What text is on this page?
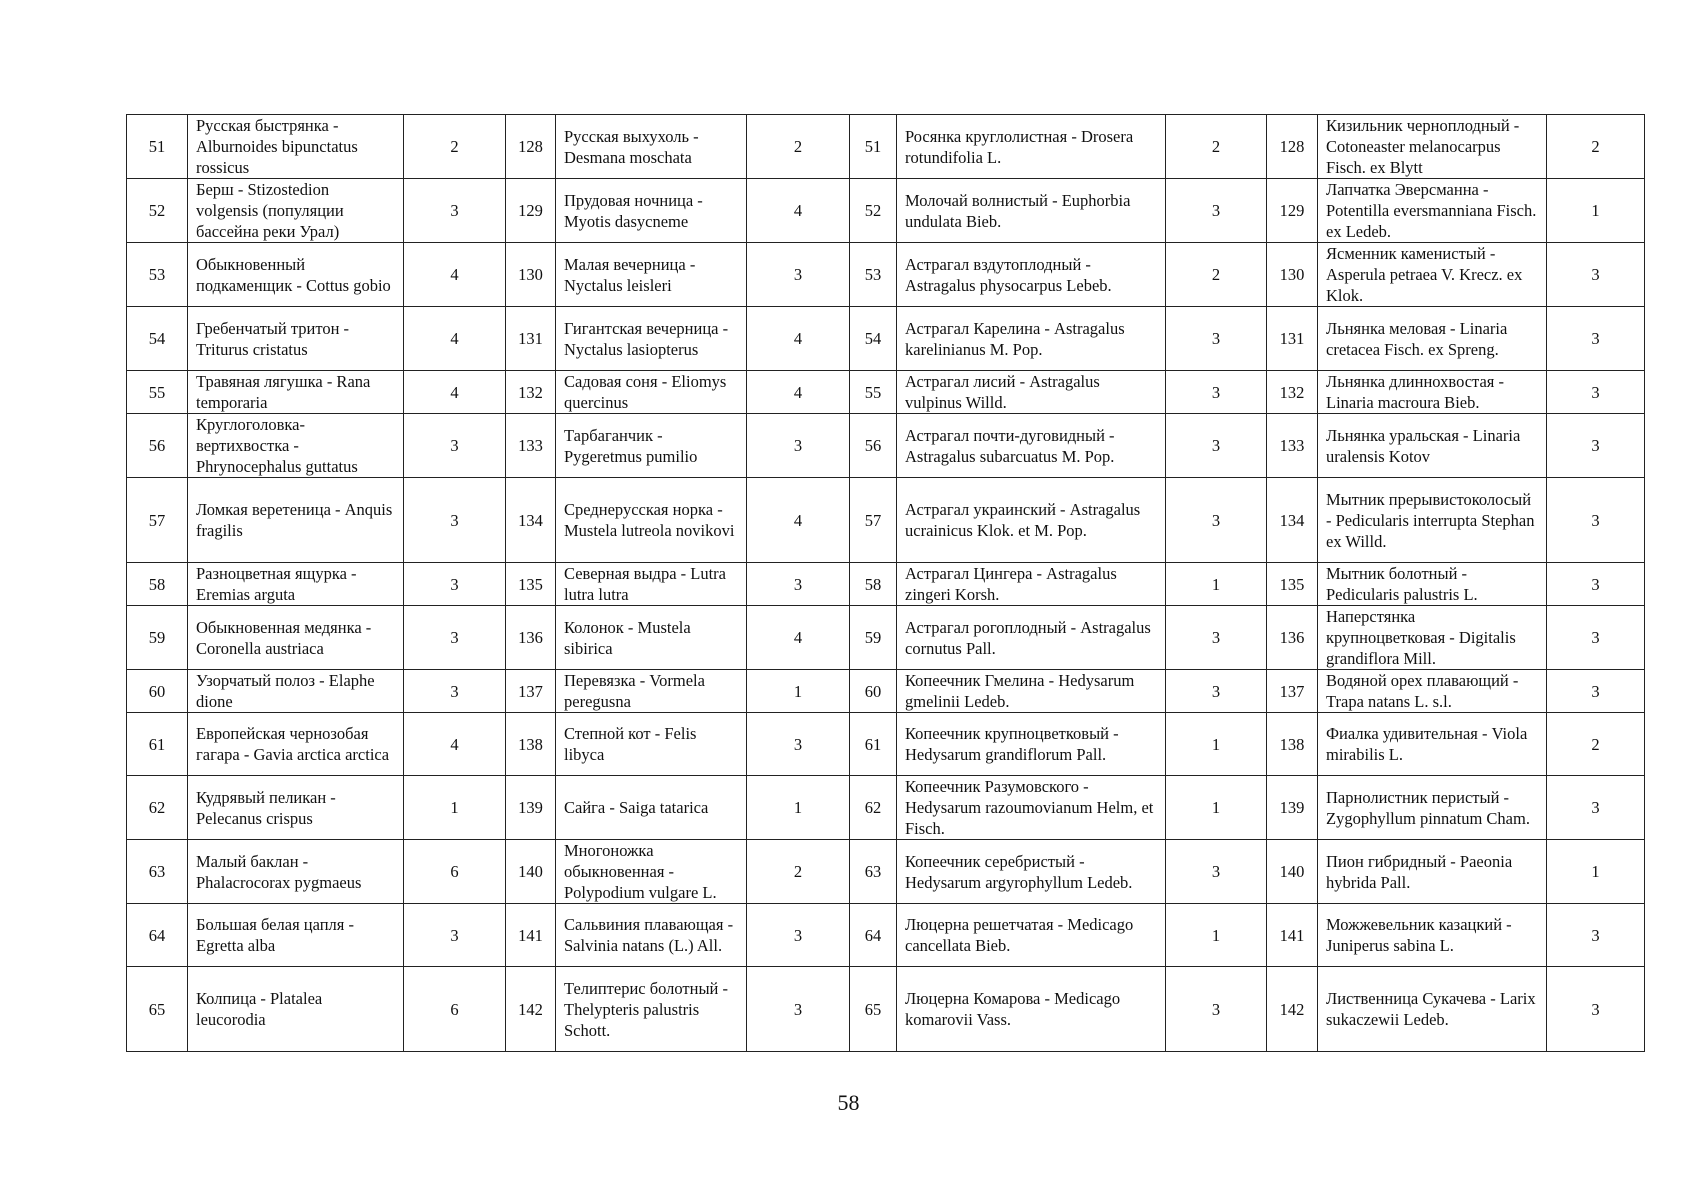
51	Русская быстрянка - Alburnoides bipunctatus rossicus	2	128	Русская выхухоль - Desmana moschata	2	51	Росянка круглолистная - Drosera rotundifolia L.	2	128	Кизильник черноплодный - Cotoneaster melanocarpus Fisch. ex Blytt	2
52	Берш - Stizostedion volgensis (популяции бассейна реки Урал)	3	129	Прудовая ночница - Myotis dasycneme	4	52	Молочай волнистый - Euphorbia undulata Bieb.	3	129	Лапчатка Эверсманна - Potentilla eversmanniana Fisch. ex Ledeb.	1
53	Обыкновенный подкаменщик - Cottus gobio	4	130	Малая вечерница - Nyctalus leisleri	3	53	Астрагал вздутоплодный - Astragalus physocarpus Lebeb.	2	130	Ясменник каменистый - Asperula petraea V. Krecz. ex Klok.	3
54	Гребенчатый тритон - Triturus cristatus	4	131	Гигантская вечерница - Nyctalus lasiopterus	4	54	Астрагал Карелина - Astragalus karelinianus M. Pop.	3	131	Льнянка меловая - Linaria cretacea Fisch. ex Spreng.	3
55	Травяная лягушка - Rana temporaria	4	132	Садовая соня - Eliomys quercinus	4	55	Астрагал лисий - Astragalus vulpinus Willd.	3	132	Льнянка длиннохвостая - Linaria macroura Bieb.	3
56	Круглоголовка-вертихвостка - Phrynocephalus guttatus	3	133	Тарбаганчик - Pygeretmus pumilio	3	56	Астрагал почти-дуговидный - Astragalus subarcuatus M. Pop.	3	133	Льнянка уральская - Linaria uralensis Kotov	3
57	Ломкая веретеница - Anquis fragilis	3	134	Среднерусская норка - Mustela lutreola novikovi	4	57	Астрагал украинский - Astragalus ucrainicus Klok. et M. Pop.	3	134	Мытник прерывистоколосый - Pedicularis interrupta Stephan ex Willd.	3
58	Разноцветная ящурка - Eremias arguta	3	135	Северная выдра - Lutra lutra lutra	3	58	Астрагал Цингера - Astragalus zingeri Korsh.	1	135	Мытник болотный - Pedicularis palustris L.	3
59	Обыкновенная медянка - Coronella austriaca	3	136	Колонок - Mustela sibirica	4	59	Астрагал рогоплодный - Astragalus cornutus Pall.	3	136	Наперстянка крупноцветковая - Digitalis grandiflora Mill.	3
60	Узорчатый полоз - Elaphe dione	3	137	Перевязка - Vormela peregusna	1	60	Копеечник Гмелина - Hedysarum gmelinii Ledeb.	3	137	Водяной орех плавающий - Trapa natans L. s.l.	3
61	Европейская чернозобая гагара - Gavia arctica arctica	4	138	Степной кот - Felis libyca	3	61	Копеечник крупноцветковый - Hedysarum grandiflorum Pall.	1	138	Фиалка удивительная - Viola mirabilis L.	2
62	Кудрявый пеликан - Pelecanus crispus	1	139	Сайга - Saiga tatarica	1	62	Копеечник Разумовского - Hedysarum razoumovianum Helm, et Fisch.	1	139	Парнолистник перистый - Zygophyllum pinnatum Cham.	3
63	Малый баклан - Phalacrocorax pygmaeus	6	140	Многоножка обыкновенная - Polypodium vulgare L.	2	63	Копеечник серебристый - Hedysarum argyrophyllum Ledeb.	3	140	Пион гибридный - Paeonia hybrida Pall.	1
64	Большая белая цапля - Egretta alba	3	141	Сальвиния плавающая - Salvinia natans (L.) All.	3	64	Люцерна решетчатая - Medicago cancellata Bieb.	1	141	Можжевельник казацкий - Juniperus sabina L.	3
65	Колпица - Platalea leucorodia	6	142	Телиптерис болотный - Thelypteris palustris Schott.	3	65	Люцерна Комарова - Medicago komarovii Vass.	3	142	Лиственница Сукачева - Larix sukaczewii Ledeb.	3
58
